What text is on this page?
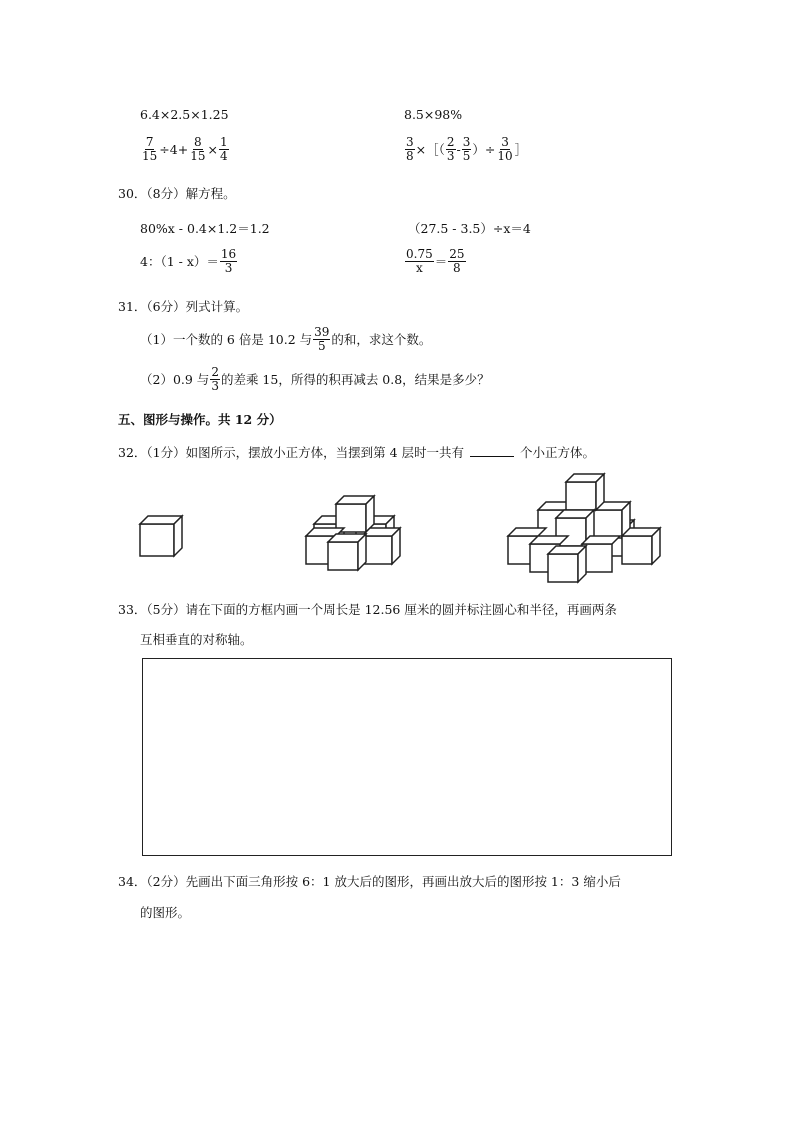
6.4×2.5×1.25	8.5×98%
$\frac{7}{15} \div 4+ \frac{8}{15} \times \frac{1}{4}$	$\frac{3}{8}$ ×［（ $\frac{2}{3} - \frac{3}{5}$ ）÷ $\frac{3}{10}$ ］
30．（8分）解方程。
80%x - 0.4×1.2＝1.2	（27.5 - 3.5）÷x＝4
4：$(1 - x)= \frac{16}{3}$	$\frac{0.75}{x} = \frac{25}{8}$
31．（6分）列式计算。
（1）一个数的 6 倍是 10.2 与 $\frac{39}{5}$ 的和，求这个数。
（2）0.9 与 $\frac{2}{3}$ 的差乘 15，所得的积再减去 0.8，结果是多少？
五、图形与操作。共 12 分）
32．（1分）如图所示，摆放小正方体，当摆到第 4 层时一共有	个小正方体。
33．（5分）请在下面的方框内画一个周长是 12.56 厘米的圆并标注圆心和半径，再画两条
互相垂直的对称轴。
34．（2分）先画出下面三角形按 6：1 放大后的图形，再画出放大后的图形按 1：3 缩小后
的图形。
